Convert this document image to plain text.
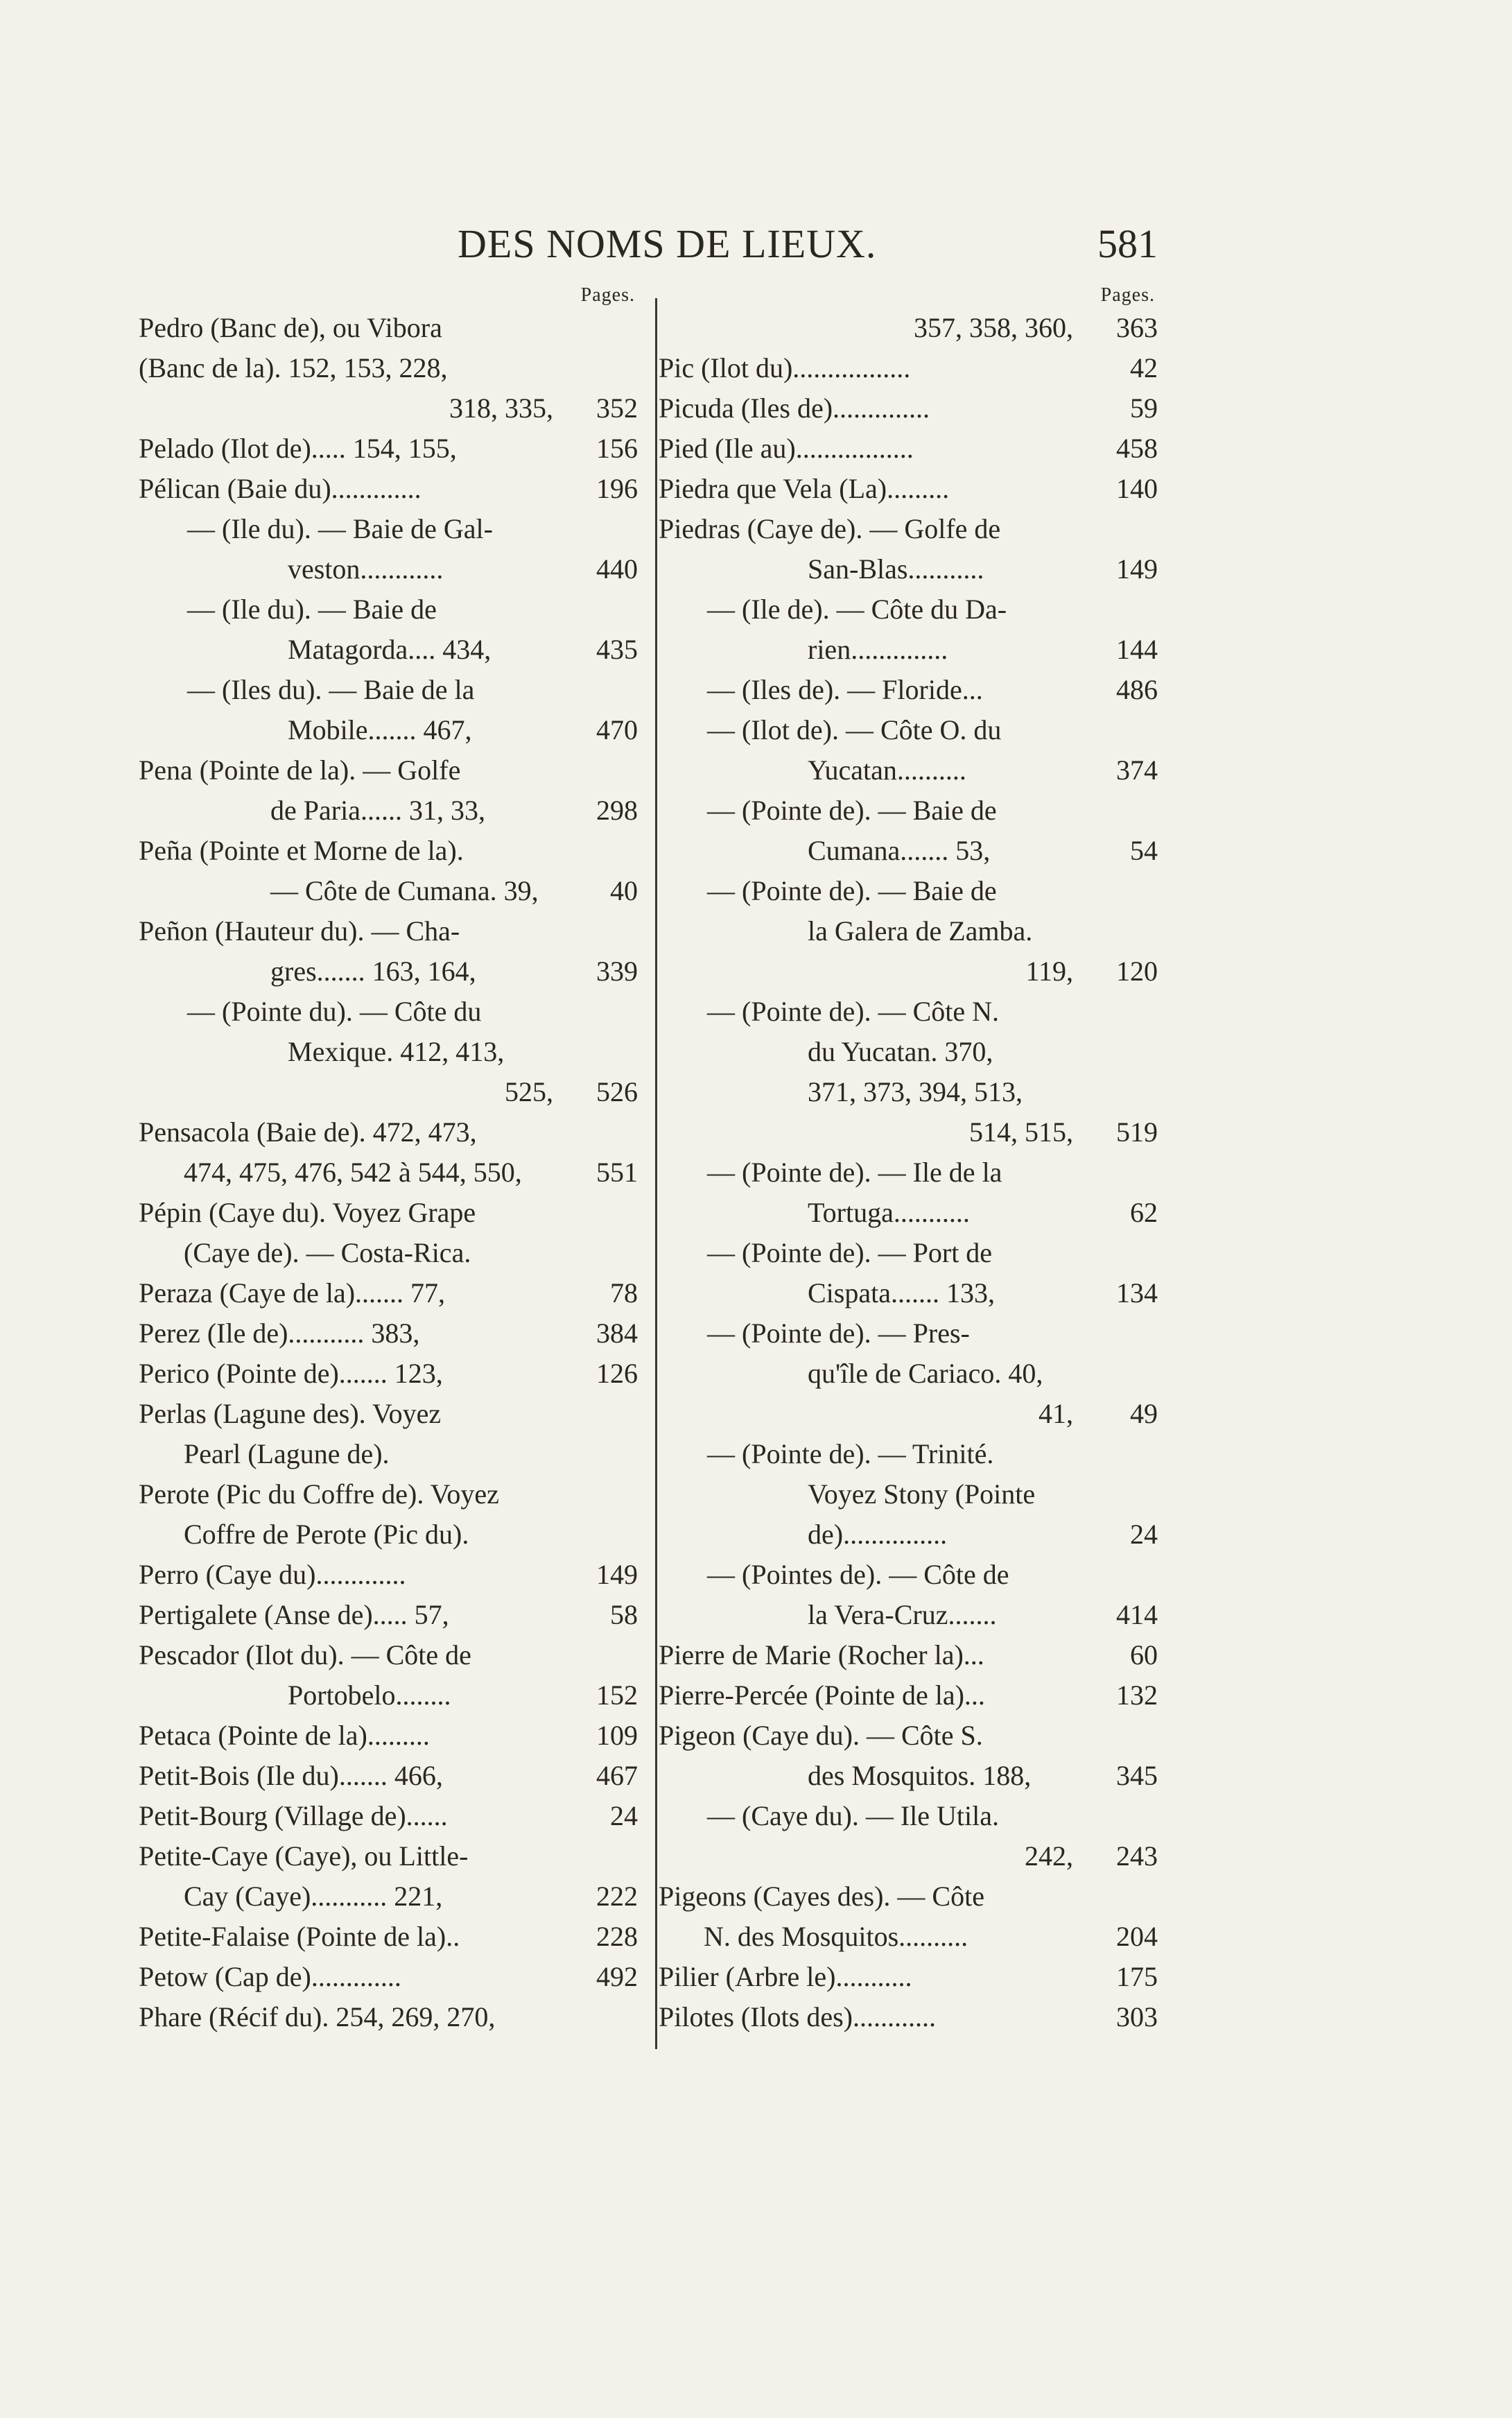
DES NOMS DE LIEUX.	581
Pages.
Pedro (Banc de), ou Vibora
(Banc de la). 152, 153, 228,
318, 335,	352
Pelado (Ilot de)..... 154, 155,	156
Pélican (Baie du).............	196
— (Ile du). — Baie de Gal-
veston............	440
— (Ile du). — Baie de
Matagorda.... 434,	435
— (Iles du). — Baie de la
Mobile....... 467,	470
Pena (Pointe de la). — Golfe
de Paria...... 31, 33,	298
Peña (Pointe et Morne de la).
— Côte de Cumana. 39,	40
Peñon (Hauteur du). — Cha-
gres....... 163, 164,	339
— (Pointe du). — Côte du
Mexique. 412, 413,
525,	526
Pensacola (Baie de). 472, 473,
474, 475, 476, 542 à 544, 550,	551
Pépin (Caye du). Voyez Grape
(Caye de). — Costa-Rica.
Peraza (Caye de la)....... 77,	78
Perez (Ile de)........... 383,	384
Perico (Pointe de)....... 123,	126
Perlas (Lagune des). Voyez
Pearl (Lagune de).
Perote (Pic du Coffre de). Voyez
Coffre de Perote (Pic du).
Perro (Caye du).............	149
Pertigalete (Anse de)..... 57,	58
Pescador (Ilot du). — Côte de
Portobelo........	152
Petaca (Pointe de la).........	109
Petit-Bois (Ile du)....... 466,	467
Petit-Bourg (Village de)......	24
Petite-Caye (Caye), ou Little-
Cay (Caye)........... 221,	222
Petite-Falaise (Pointe de la)..	228
Petow (Cap de).............	492
Phare (Récif du). 254, 269, 270,
Pages.
357, 358, 360,	363
Pic (Ilot du).................	42
Picuda (Iles de)..............	59
Pied (Ile au).................	458
Piedra que Vela (La).........	140
Piedras (Caye de). — Golfe de
San-Blas...........	149
— (Ile de). — Côte du Da-
rien..............	144
— (Iles de). — Floride...	486
— (Ilot de). — Côte O. du
Yucatan..........	374
— (Pointe de). — Baie de
Cumana....... 53,	54
— (Pointe de). — Baie de
la Galera de Zamba.
119,	120
— (Pointe de). — Côte N.
du Yucatan. 370,
371, 373, 394, 513,
514, 515,	519
— (Pointe de). — Ile de la
Tortuga...........	62
— (Pointe de). — Port de
Cispata....... 133,	134
— (Pointe de). — Pres-
qu'île de Cariaco. 40,
41,	49
— (Pointe de). — Trinité.
Voyez Stony (Pointe
de)...............	24
— (Pointes de). — Côte de
la Vera-Cruz.......	414
Pierre de Marie (Rocher la)...	60
Pierre-Percée (Pointe de la)...	132
Pigeon (Caye du). — Côte S.
des Mosquitos. 188,	345
— (Caye du). — Ile Utila.
242,	243
Pigeons (Cayes des). — Côte
N. des Mosquitos..........	204
Pilier (Arbre le)...........	175
Pilotes (Ilots des)............	303
